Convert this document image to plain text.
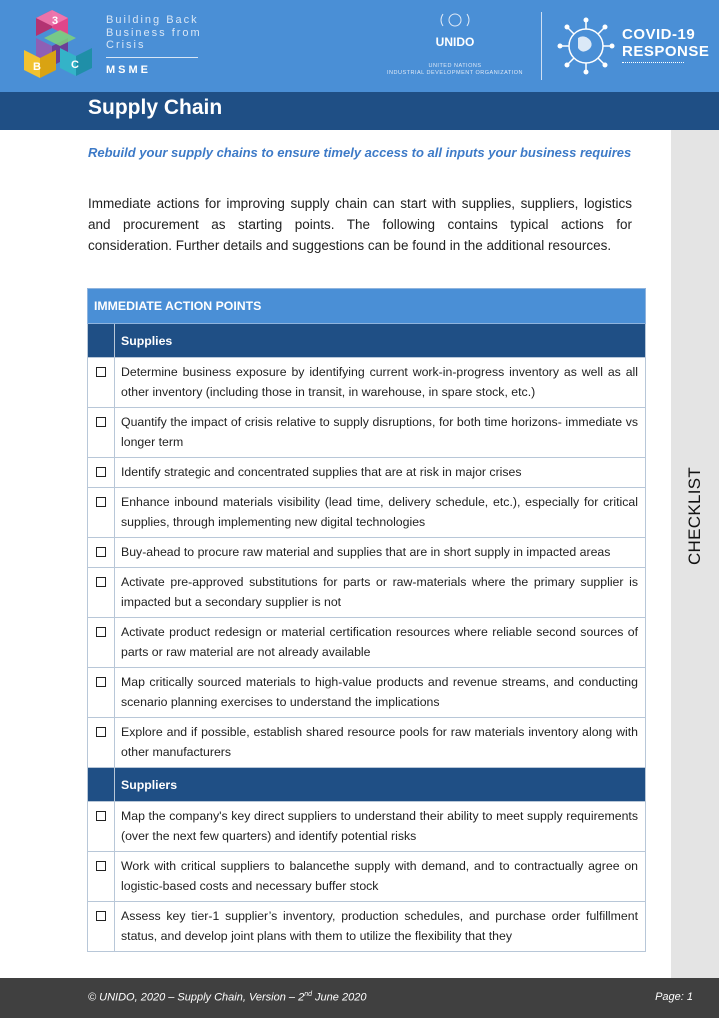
3
B	C
Building Back
Business from
Crisis
MSME
UNIDO
UNITED NATIONS
INDUSTRIAL DEVELOPMENT ORGANIZATION
COVID-19
RESPONSE
Supply Chain
CHECKLIST
Rebuild your supply chains to ensure timely access to all inputs your business requires
Immediate actions for improving supply chain can start with supplies, suppliers, logistics and procurement as starting points. The following contains typical actions for consideration. Further details and suggestions can be found in the additional resources.
IMMEDIATE ACTION POINTS	
	Supplies
	Determine business exposure by identifying current work-in-progress inventory as well as all other inventory (including those in transit, in warehouse, in spare stock, etc.)
	Quantify the impact of crisis relative to supply disruptions, for both time horizons- immediate vs longer term
	Identify strategic and concentrated supplies that are at risk in major crises
	Enhance inbound materials visibility (lead time, delivery schedule, etc.), especially for critical supplies, through implementing new digital technologies
	Buy-ahead to procure raw material and supplies that are in short supply in impacted areas
	Activate pre-approved substitutions for parts or raw-materials where the primary supplier is impacted but a secondary supplier is not
	Activate product redesign or material certification resources where reliable second sources of parts or raw material are not already available
	Map critically sourced materials to high-value products and revenue streams, and conducting scenario planning exercises to understand the implications
	Explore and if possible, establish shared resource pools for raw materials inventory along with other manufacturers
	Suppliers
	Map the company's key direct suppliers to understand their ability to meet supply requirements (over the next few quarters) and identify potential risks
	Work with critical suppliers to balancethe supply with demand, and to contractually agree on logistic-based costs and necessary buffer stock
	Assess key tier-1 supplier’s inventory, production schedules, and purchase order fulfillment status, and develop joint plans with them to utilize the flexibility that they
© UNIDO, 2020 – Supply Chain, Version – 2nd June 2020	Page: 1
